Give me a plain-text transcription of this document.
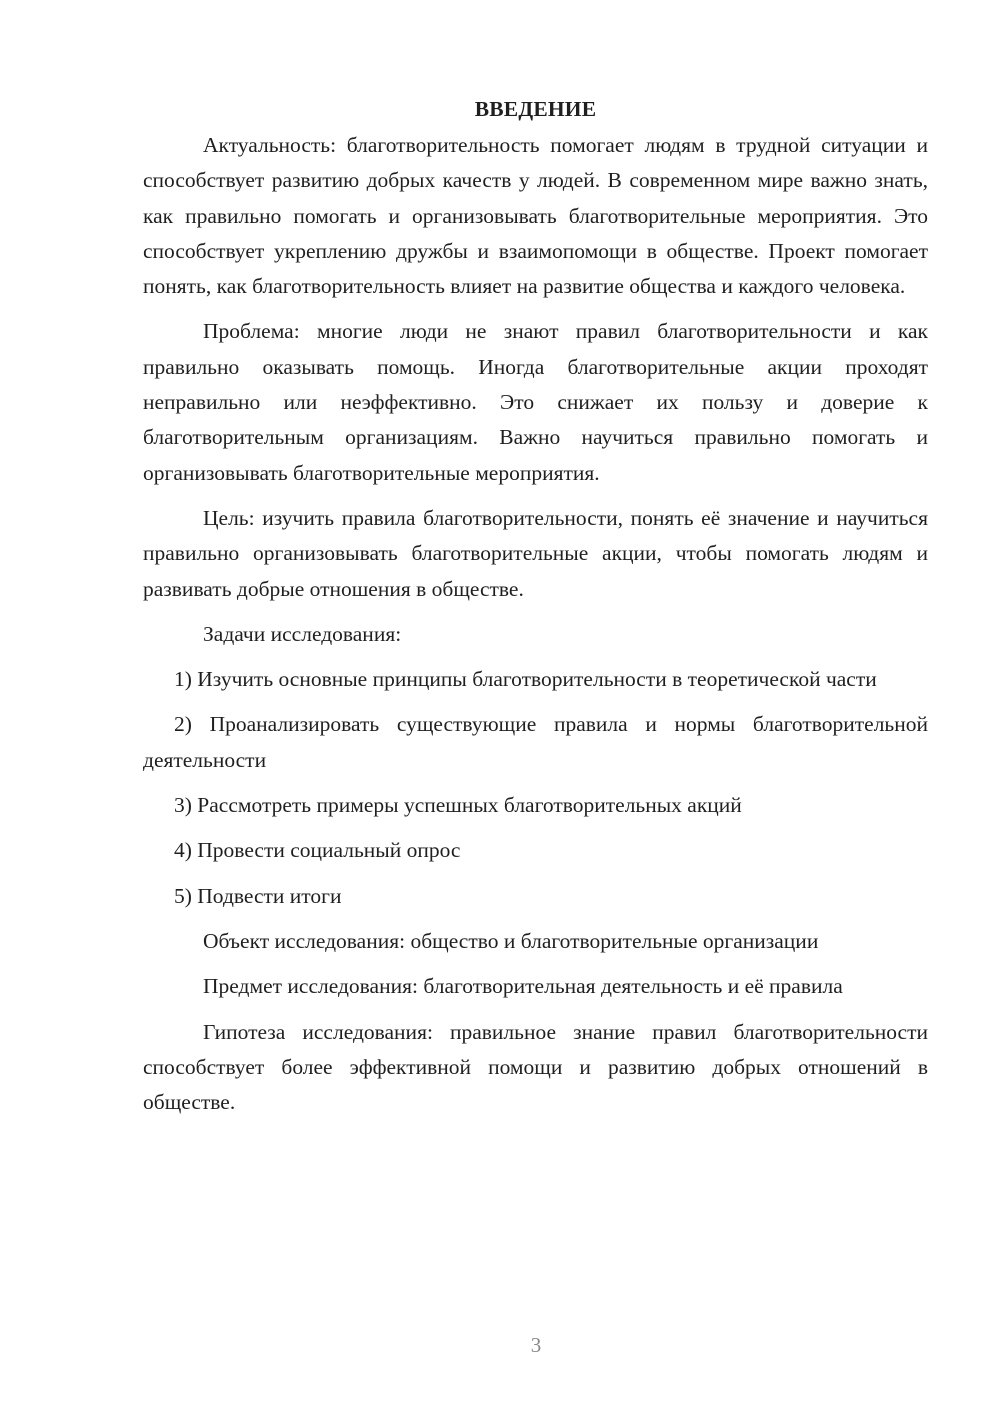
ВВЕДЕНИЕ

Актуальность: благотворительность помогает людям в трудной ситуации и способствует развитию добрых качеств у людей. В современном мире важно знать, как правильно помогать и организовывать благотворительные мероприятия. Это способствует укреплению дружбы и взаимопомощи в обществе. Проект помогает понять, как благотворительность влияет на развитие общества и каждого человека.

Проблема: многие люди не знают правил благотворительности и как правильно оказывать помощь. Иногда благотворительные акции проходят неправильно или неэффективно. Это снижает их пользу и доверие к благотворительным организациям. Важно научиться правильно помогать и организовывать благотворительные мероприятия.

Цель: изучить правила благотворительности, понять её значение и научиться правильно организовывать благотворительные акции, чтобы помогать людям и развивать добрые отношения в обществе.

Задачи исследования:

1) Изучить основные принципы благотворительности в теоретической части

2) Проанализировать существующие правила и нормы благотворительной деятельности

3) Рассмотреть примеры успешных благотворительных акций

4) Провести социальный опрос

5) Подвести итоги

Объект исследования: общество и благотворительные организации

Предмет исследования: благотворительная деятельность и её правила

Гипотеза исследования: правильное знание правил благотворительности способствует более эффективной помощи и развитию добрых отношений в обществе.

3
